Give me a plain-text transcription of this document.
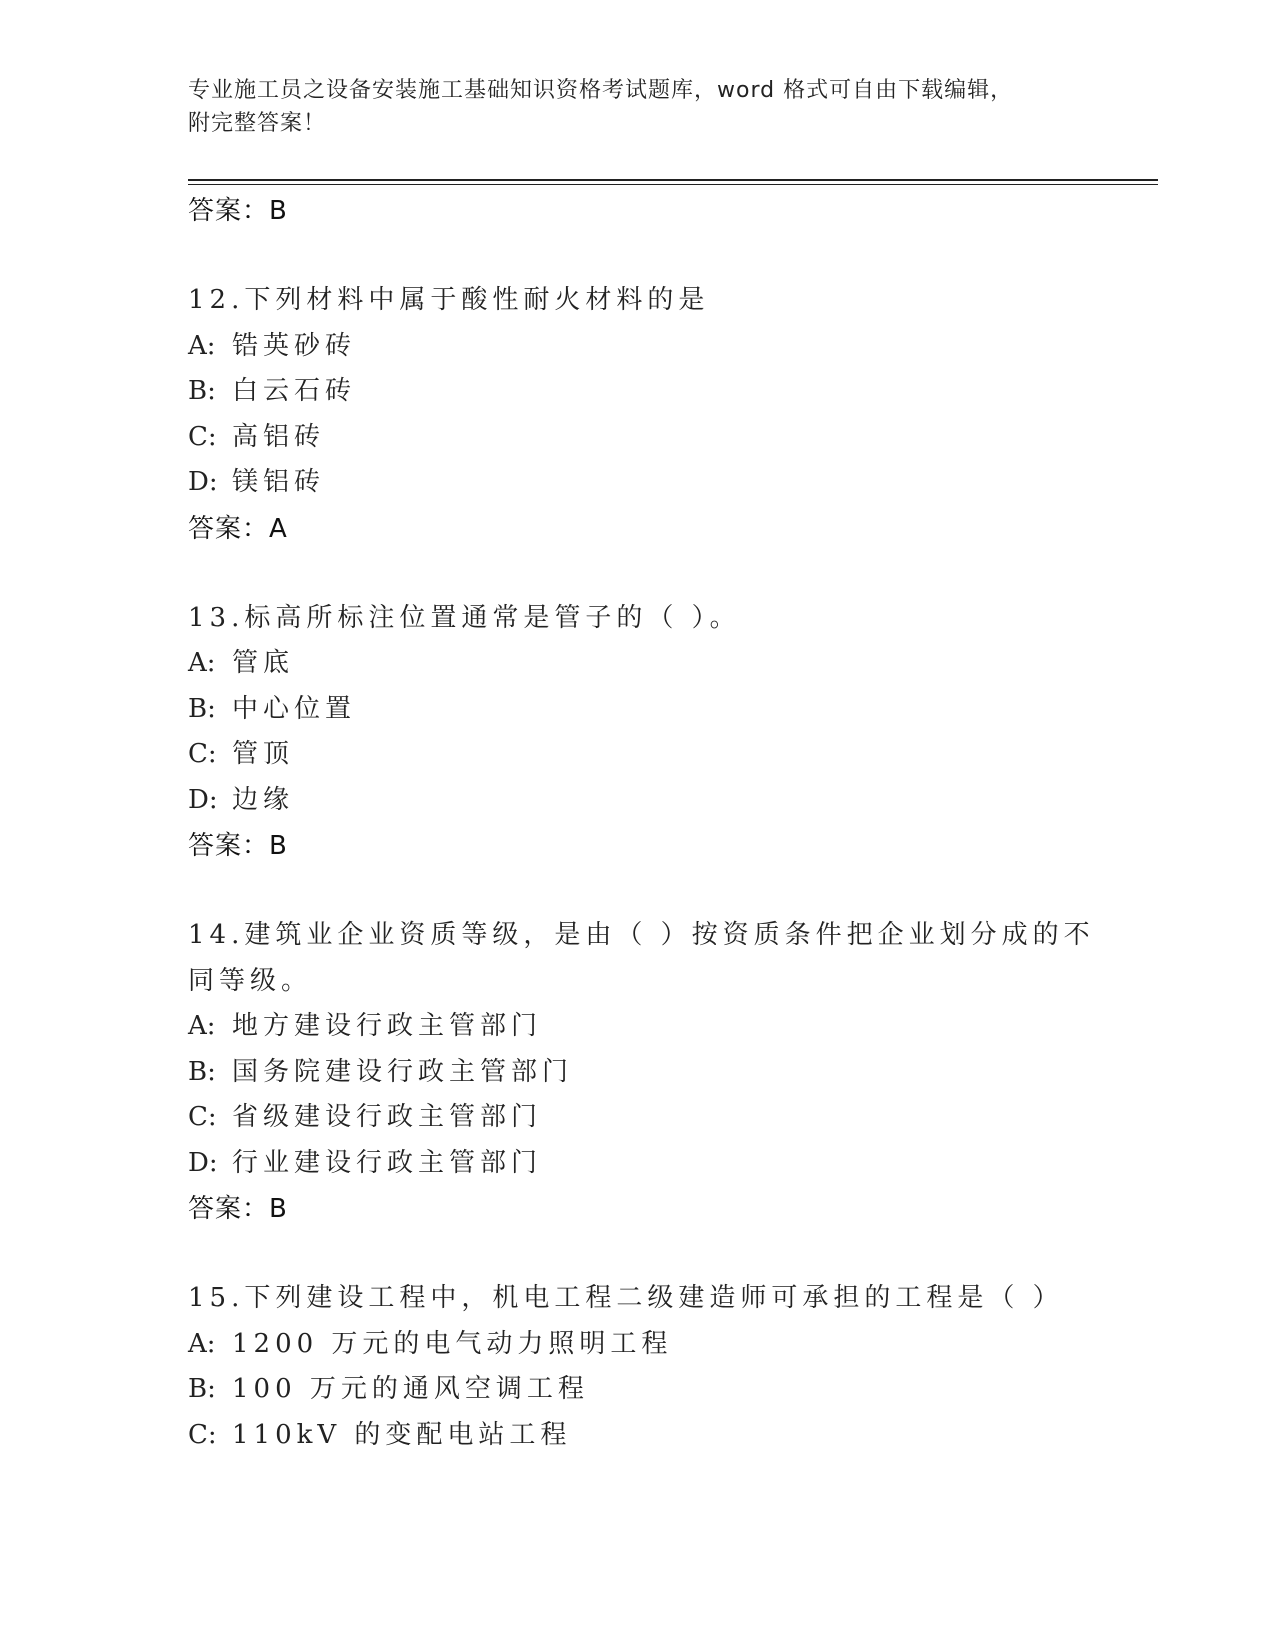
专业施工员之设备安装施工基础知识资格考试题库，word 格式可自由下载编辑，
附完整答案！
答案：B
12.下列材料中属于酸性耐火材料的是
A: 锆英砂砖
B: 白云石砖
C: 高铝砖
D: 镁铝砖
答案：A
13.标高所标注位置通常是管子的（ ）。
A: 管底
B: 中心位置
C: 管顶
D: 边缘
答案：B
14.建筑业企业资质等级，是由（ ）按资质条件把企业划分成的不同等级。
A: 地方建设行政主管部门
B: 国务院建设行政主管部门
C: 省级建设行政主管部门
D: 行业建设行政主管部门
答案：B
15.下列建设工程中，机电工程二级建造师可承担的工程是（ ）
A: 1200 万元的电气动力照明工程
B: 100 万元的通风空调工程
C: 110kV 的变配电站工程
